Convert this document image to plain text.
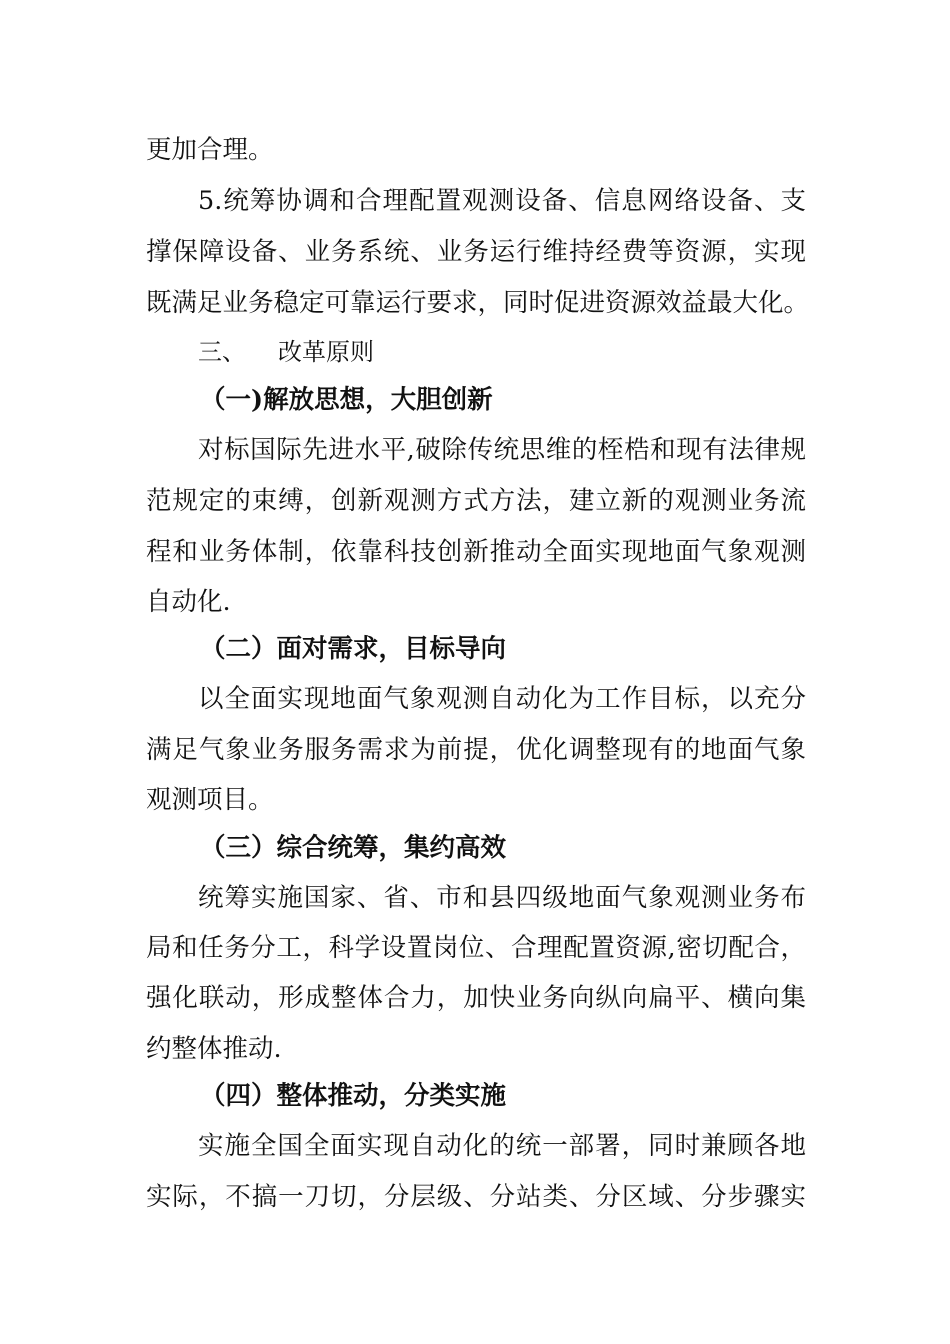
更加合理。
5.统筹协调和合理配置观测设备、信息网络设备、支
撑保障设备、业务系统、业务运行维持经费等资源，实现
既满足业务稳定可靠运行要求，同时促进资源效益最大化。
三、 改革原则
（一)解放思想，大胆创新
对标国际先进水平,破除传统思维的桎梏和现有法律规
范规定的束缚，创新观测方式方法，建立新的观测业务流
程和业务体制，依靠科技创新推动全面实现地面气象观测
自动化.
（二）面对需求，目标导向
以全面实现地面气象观测自动化为工作目标，以充分
满足气象业务服务需求为前提，优化调整现有的地面气象
观测项目。
（三）综合统筹，集约高效
统筹实施国家、省、市和县四级地面气象观测业务布
局和任务分工，科学设置岗位、合理配置资源,密切配合，
强化联动，形成整体合力，加快业务向纵向扁平、横向集
约整体推动.
（四）整体推动，分类实施
实施全国全面实现自动化的统一部署，同时兼顾各地
实际，不搞一刀切，分层级、分站类、分区域、分步骤实
